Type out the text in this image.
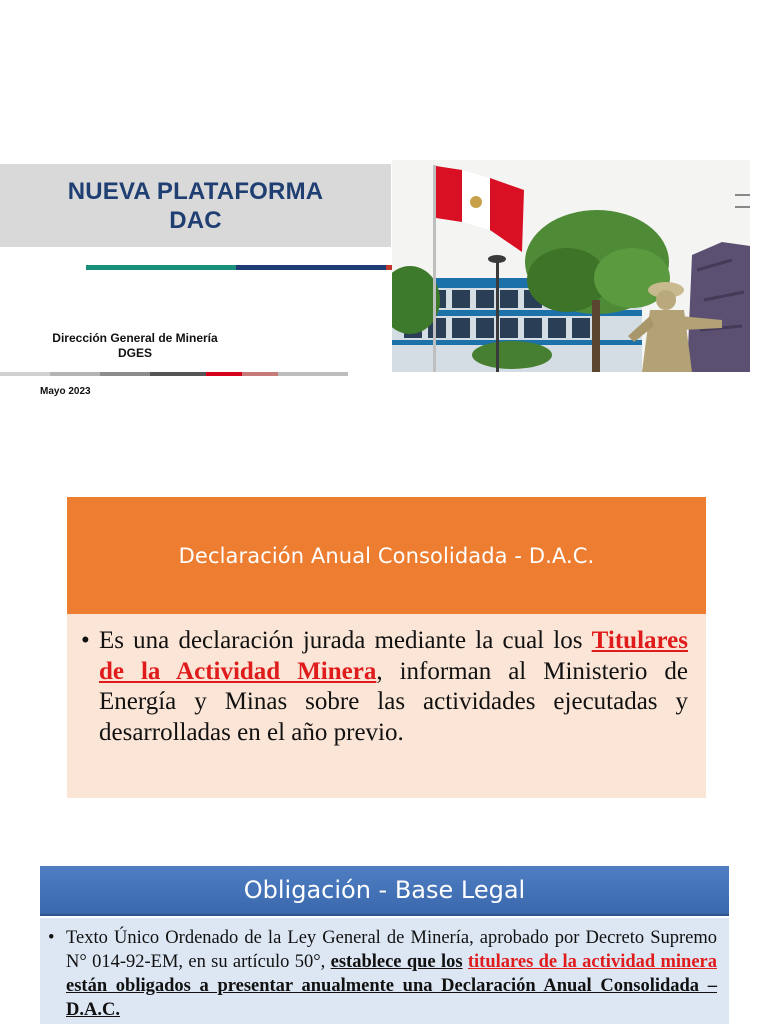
NUEVA PLATAFORMA
DAC
Dirección General de Minería
DGES
Mayo 2023
Declaración Anual Consolidada - D.A.C.
• Es una declaración jurada mediante la cual los Titulares de la Actividad Minera, informan al Ministerio de Energía y Minas sobre las actividades ejecutadas y desarrolladas en el año previo.
Obligación - Base Legal
• Texto Único Ordenado de la Ley General de Minería, aprobado por Decreto Supremo N° 014-92-EM, en su artículo 50°, establece que los titulares de la actividad minera están obligados a presentar anualmente una Declaración Anual Consolidada – D.A.C.
